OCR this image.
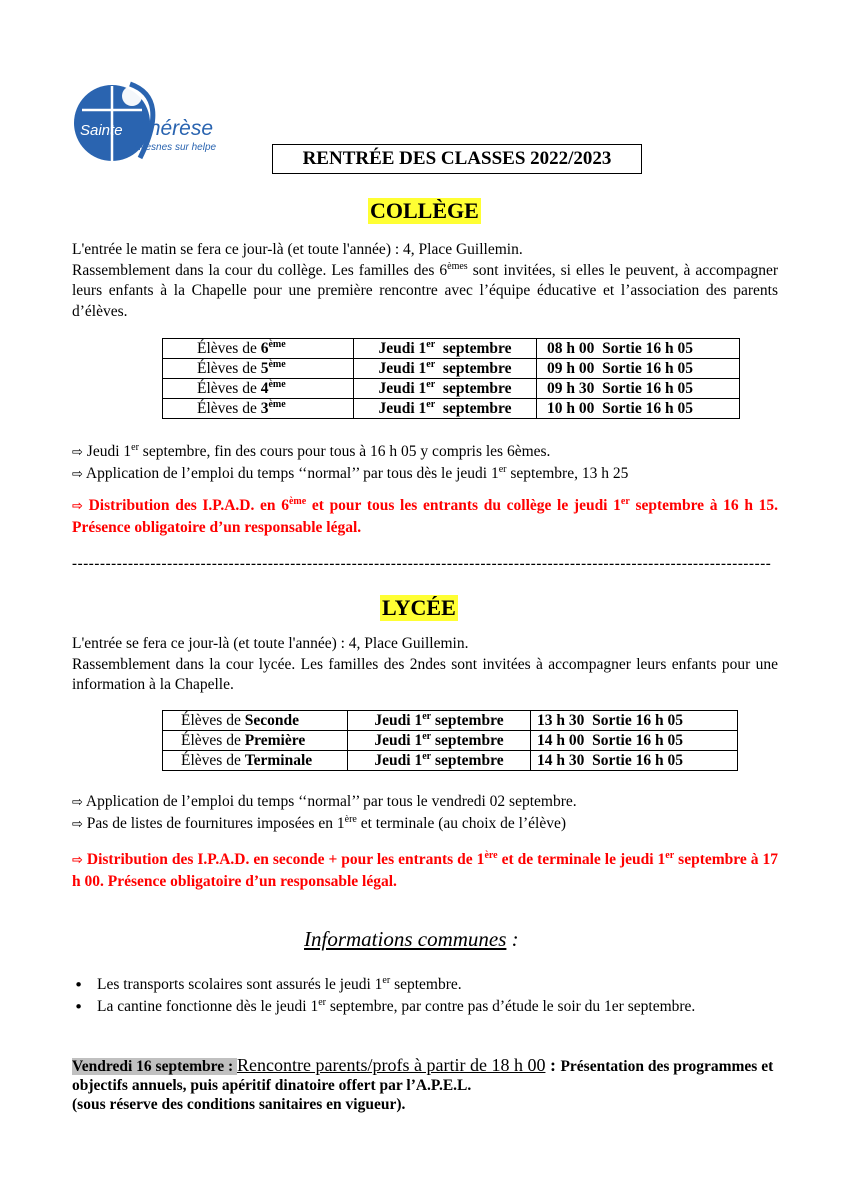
Sainte Thérèse
Avesnes sur helpe
RENTRÉE DES CLASSES 2022/2023
COLLÈGE

L'entrée le matin se fera ce jour-là (et toute l'année) : 4, Place Guillemin.

Rassemblement dans la cour du collège. Les familles des 6èmes sont invitées, si elles le peuvent, à accompagner leurs enfants à la Chapelle pour une première rencontre avec l’équipe éducative et l’association des parents d’élèves.

Élèves de 6ème	Jeudi 1er  septembre	08 h 00  Sortie 16 h 05
Élèves de 5ème	Jeudi 1er  septembre	09 h 00  Sortie 16 h 05
Élèves de 4ème	Jeudi 1er  septembre	09 h 30  Sortie 16 h 05
Élèves de 3ème	Jeudi 1er  septembre	10 h 00  Sortie 16 h 05

⇨ Jeudi 1er septembre, fin des cours pour tous à 16 h 05 y compris les 6èmes.

⇨ Application de l’emploi du temps ‘‘normal’’ par tous dès le jeudi 1er septembre, 13 h 25

⇨ Distribution des I.P.A.D. en 6ème et pour tous les entrants du collège le jeudi 1er septembre à 16 h 15. Présence obligatoire d’un responsable légal.
-----------------------------------------------------------------------------------------------------------------------------
LYCÉE

L'entrée se fera ce jour-là (et toute l'année) : 4, Place Guillemin.

Rassemblement dans la cour lycée. Les familles des 2ndes sont invitées à accompagner leurs enfants pour une information à la Chapelle.

Élèves de Seconde	Jeudi 1er septembre	13 h 30  Sortie 16 h 05
Élèves de Première	Jeudi 1er septembre	14 h 00  Sortie 16 h 05
Élèves de Terminale	Jeudi 1er septembre	14 h 30  Sortie 16 h 05

⇨ Application de l’emploi du temps ‘‘normal’’ par tous le vendredi 02 septembre.

⇨ Pas de listes de fournitures imposées en 1ère et terminale (au choix de l’élève)

⇨ Distribution des I.P.A.D. en seconde + pour les entrants de 1ère et de terminale le jeudi 1er septembre à 17 h 00. Présence obligatoire d’un responsable légal.
Informations communes :
• Les transports scolaires sont assurés le jeudi 1er septembre.
• La cantine fonctionne dès le jeudi 1er septembre, par contre pas d’étude le soir du 1er septembre.

Vendredi 16 septembre : Rencontre parents/profs à partir de 18 h 00 : Présentation des programmes et objectifs annuels, puis apéritif dinatoire offert par l’A.P.E.L.

(sous réserve des conditions sanitaires en vigueur).
